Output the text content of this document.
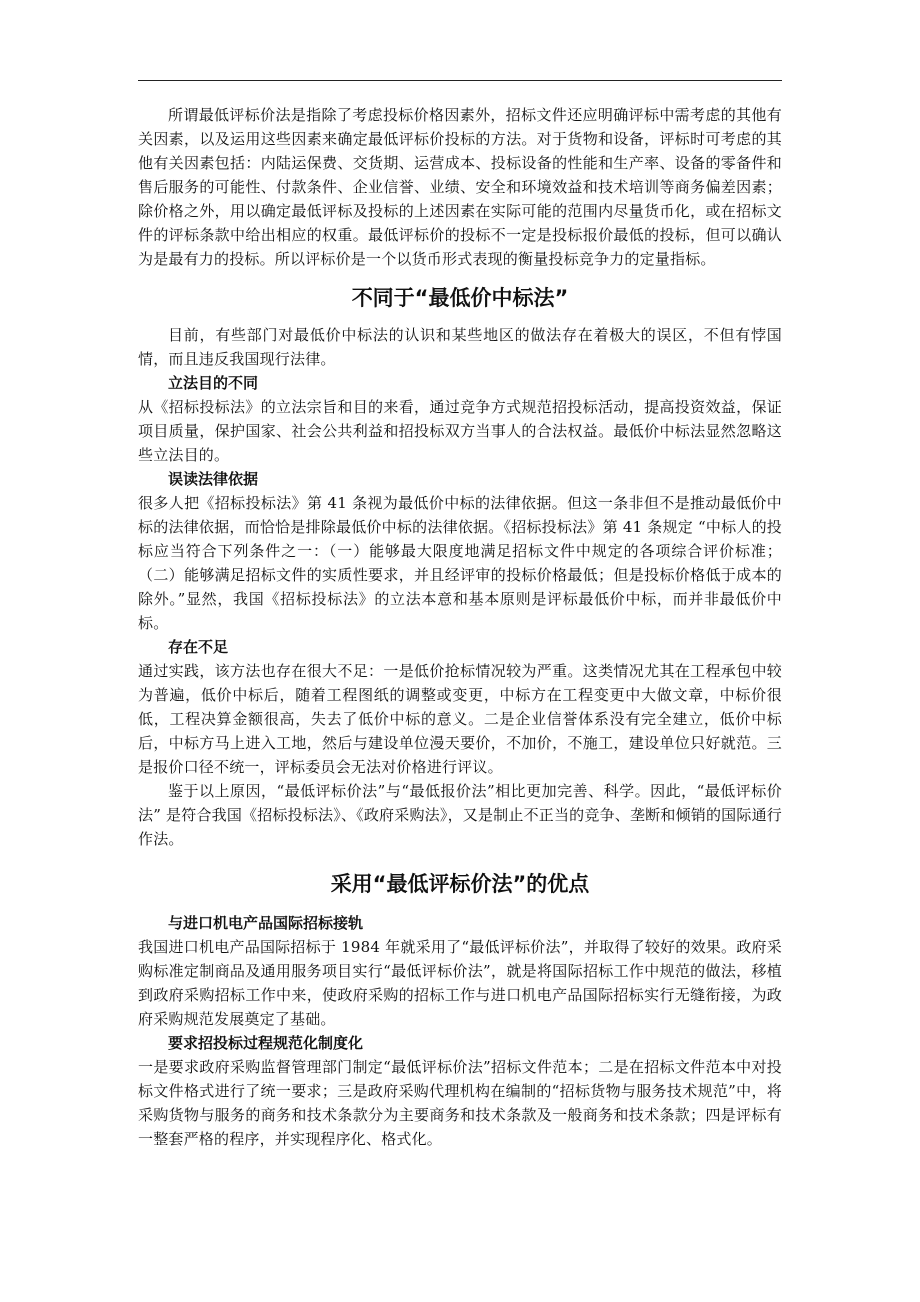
所谓最低评标价法是指除了考虑投标价格因素外，招标文件还应明确评标中需考虑的其他有关因素，以及运用这些因素来确定最低评标价投标的方法。对于货物和设备，评标时可考虑的其他有关因素包括：内陆运保费、交货期、运营成本、投标设备的性能和生产率、设备的零备件和售后服务的可能性、付款条件、企业信誉、业绩、安全和环境效益和技术培训等商务偏差因素；除价格之外，用以确定最低评标及投标的上述因素在实际可能的范围内尽量货币化，或在招标文件的评标条款中给出相应的权重。最低评标价的投标不一定是投标报价最低的投标，但可以确认为是最有力的投标。所以评标价是一个以货币形式表现的衡量投标竞争力的定量指标。

不同于“最低价中标法”

目前，有些部门对最低价中标法的认识和某些地区的做法存在着极大的误区，不但有悖国情，而且违反我国现行法律。

立法目的不同

从《招标投标法》的立法宗旨和目的来看，通过竞争方式规范招投标活动，提高投资效益，保证项目质量，保护国家、社会公共利益和招投标双方当事人的合法权益。最低价中标法显然忽略这些立法目的。

误读法律依据

很多人把《招标投标法》第 41 条视为最低价中标的法律依据。但这一条非但不是推动最低价中标的法律依据，而恰恰是排除最低价中标的法律依据。《招标投标法》第 41 条规定 “中标人的投标应当符合下列条件之一：（一）能够最大限度地满足招标文件中规定的各项综合评价标准；（二）能够满足招标文件的实质性要求，并且经评审的投标价格最低；但是投标价格低于成本的除外。”显然，我国《招标投标法》的立法本意和基本原则是评标最低价中标，而并非最低价中标。

存在不足

通过实践，该方法也存在很大不足：一是低价抢标情况较为严重。这类情况尤其在工程承包中较为普遍，低价中标后，随着工程图纸的调整或变更，中标方在工程变更中大做文章，中标价很低，工程决算金额很高，失去了低价中标的意义。二是企业信誉体系没有完全建立，低价中标后，中标方马上进入工地，然后与建设单位漫天要价，不加价，不施工，建设单位只好就范。三是报价口径不统一，评标委员会无法对价格进行评议。

鉴于以上原因，“最低评标价法”与“最低报价法”相比更加完善、科学。因此，“最低评标价法” 是符合我国《招标投标法》、《政府采购法》，又是制止不正当的竞争、垄断和倾销的国际通行作法。

采用“最低评标价法”的优点
与进口机电产品国际招标接轨

我国进口机电产品国际招标于 1984 年就采用了“最低评标价法”，并取得了较好的效果。政府采购标准定制商品及通用服务项目实行“最低评标价法”，就是将国际招标工作中规范的做法，移植到政府采购招标工作中来，使政府采购的招标工作与进口机电产品国际招标实行无缝衔接，为政府采购规范发展奠定了基础。

要求招投标过程规范化制度化

一是要求政府采购监督管理部门制定“最低评标价法”招标文件范本；二是在招标文件范本中对投标文件格式进行了统一要求；三是政府采购代理机构在编制的“招标货物与服务技术规范”中，将采购货物与服务的商务和技术条款分为主要商务和技术条款及一般商务和技术条款；四是评标有一整套严格的程序，并实现程序化、格式化。
